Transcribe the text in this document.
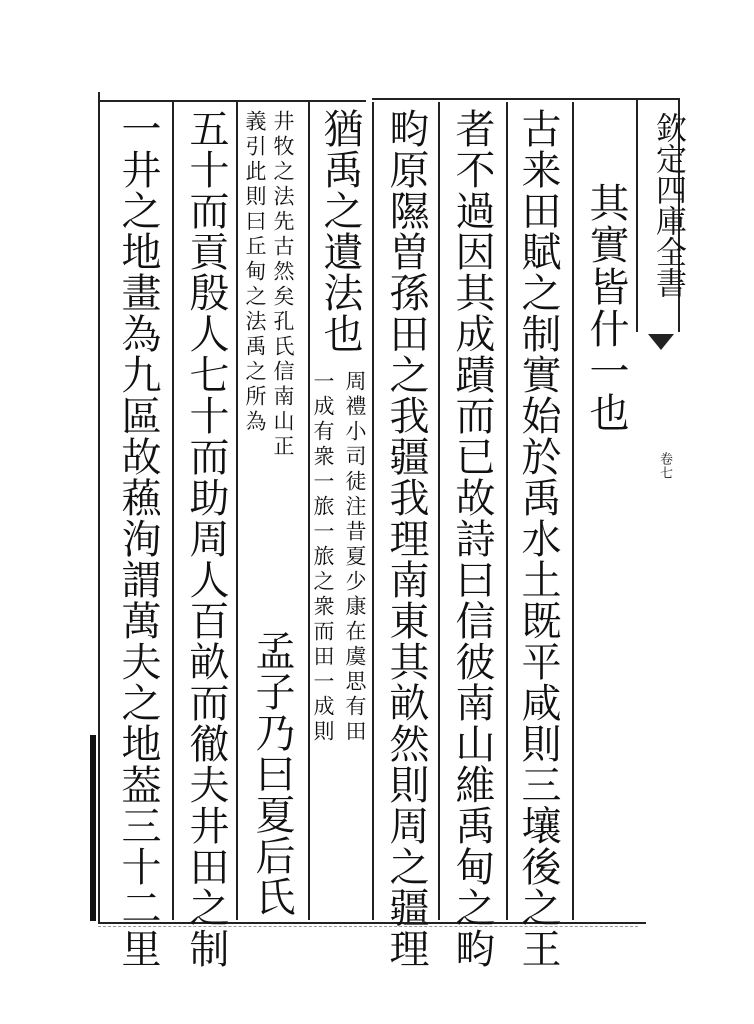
欽定四庫全書
卷七
其實皆什一也
古来田賦之制實始於禹水土既平咸則三壤後之王
者不過因其成蹟而已故詩曰信彼南山維禹甸之畇
畇原隰曽孫田之我疆我理南東其畝然則周之疆理
猶禹之遺法也
周禮小司徒注昔夏少康在虞思有田
一成有衆一旅一旅之衆而田一成則
井牧之法先古然矣孔氏信南山正
義引此則曰丘甸之法禹之所為
孟子乃曰夏后氏
五十而貢殷人七十而助周人百畝而徹夫井田之制
一井之地畫為九區故蘓洵謂萬夫之地葢三十二里
